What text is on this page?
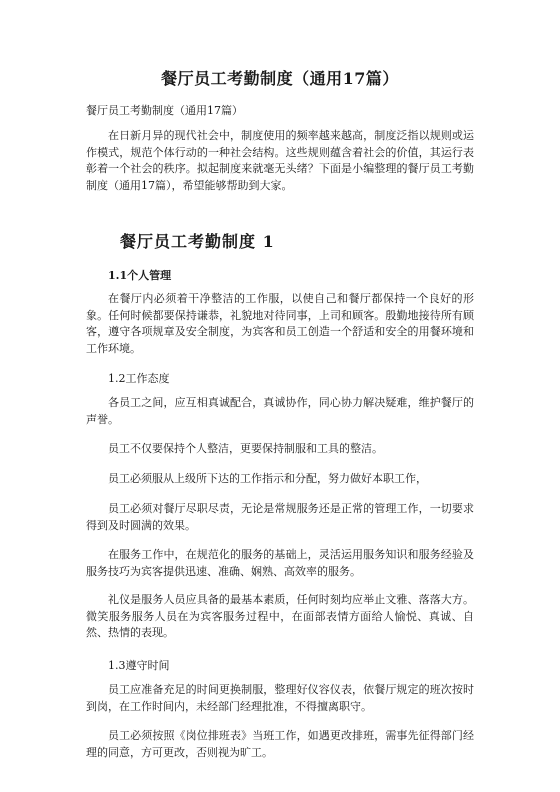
餐厅员工考勤制度（通用17篇）
餐厅员工考勤制度（通用17篇）

在日新月异的现代社会中，制度使用的频率越来越高，制度泛指以规则或运作模式，规范个体行动的一种社会结构。这些规则蕴含着社会的价值，其运行表彰着一个社会的秩序。拟起制度来就毫无头绪？下面是小编整理的餐厅员工考勤制度（通用17篇），希望能够帮助到大家。

餐厅员工考勤制度 1
1.1个人管理

在餐厅内必须着干净整洁的工作服，以使自己和餐厅都保持一个良好的形象。任何时候都要保持谦恭，礼貌地对待同事，上司和顾客。殷勤地接待所有顾客，遵守各项规章及安全制度，为宾客和员工创造一个舒适和安全的用餐环境和工作环境。

1.2工作态度

各员工之间，应互相真诚配合，真诚协作，同心协力解决疑难，维护餐厅的声誉。

员工不仅要保持个人整洁，更要保持制服和工具的整洁。

员工必须服从上级所下达的工作指示和分配，努力做好本职工作，

员工必须对餐厅尽职尽责，无论是常规服务还是正常的管理工作，一切要求得到及时圆满的效果。

在服务工作中，在规范化的服务的基础上，灵活运用服务知识和服务经验及服务技巧为宾客提供迅速、准确、娴熟、高效率的服务。

礼仪是服务人员应具备的最基本素质，任何时刻均应举止文雅、落落大方。微笑服务服务人员在为宾客服务过程中，在面部表情方面给人愉悦、真诚、自然、热情的表现。

1.3遵守时间

员工应准备充足的时间更换制服，整理好仪容仪表，依餐厅规定的班次按时到岗，在工作时间内，未经部门经理批准，不得擅离职守。

员工必须按照《岗位排班表》当班工作，如遇更改排班，需事先征得部门经理的同意，方可更改，否则视为旷工。
